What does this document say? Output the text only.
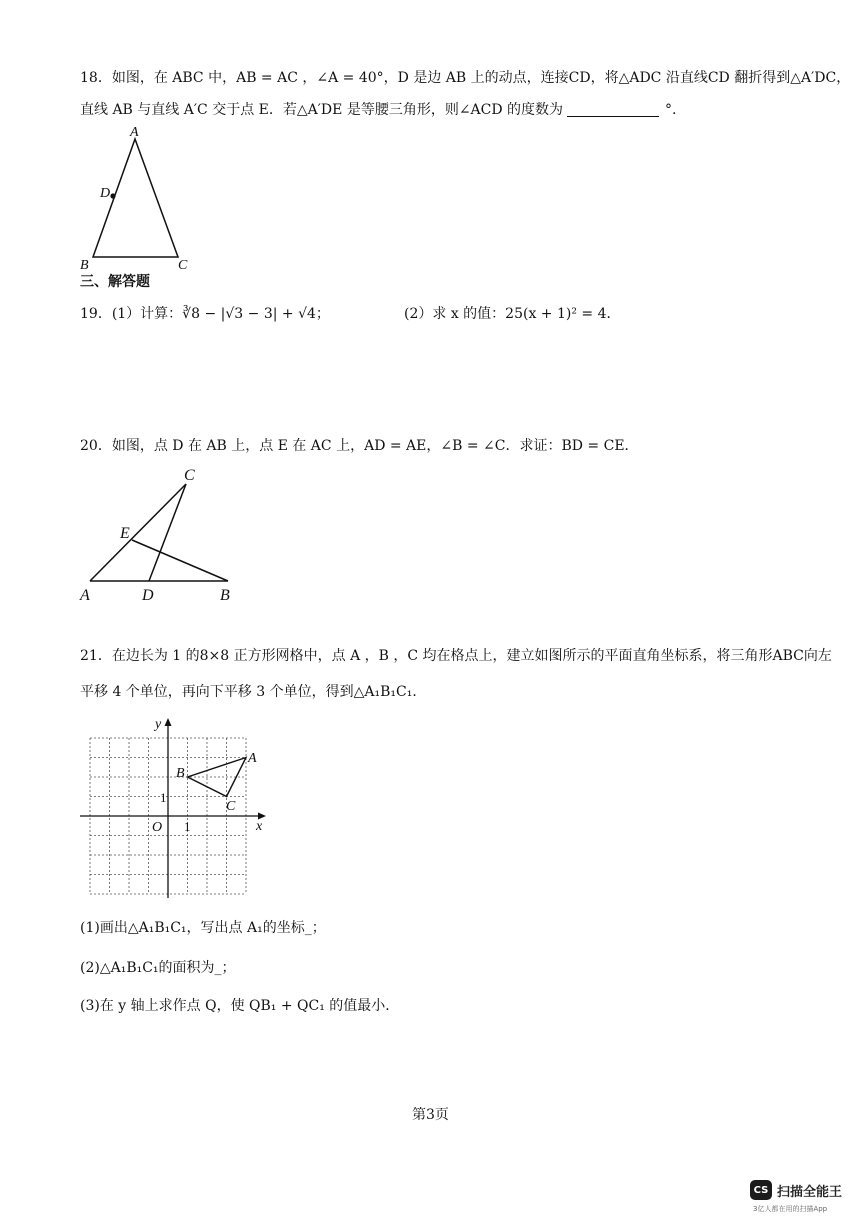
18．如图，在 ABC 中，AB = AC ，∠A = 40°，D 是边 AB 上的动点，连接CD，将△ADC 沿直线CD 翻折得到△A′DC，
直线 AB 与直线 A′C 交于点 E．若△A′DE 是等腰三角形，则∠ACD 的度数为	°.
A
D
B	C
三、解答题
19．(1）计算：∛8 − |√3 − 3| + √4；	(2）求 x 的值：25(x + 1)² = 4．
20．如图，点 D 在 AB 上，点 E 在 AC 上，AD = AE，∠B = ∠C．求证：BD = CE．
C
E
A	D	B
21．在边长为 1 的8×8 正方形网格中，点 A ，B ，C 均在格点上，建立如图所示的平面直角坐标系，将三角形ABC向左
平移 4 个单位，再向下平移 3 个单位，得到△A₁B₁C₁．
y
x
O 1
1
A
B
C
(1)画出△A₁B₁C₁，写出点 A₁的坐标_；
(2)△A₁B₁C₁的面积为_；
(3)在 y 轴上求作点 Q，使 QB₁ + QC₁ 的值最小．
第3页
CS 扫描全能王
3亿人都在用的扫描App
